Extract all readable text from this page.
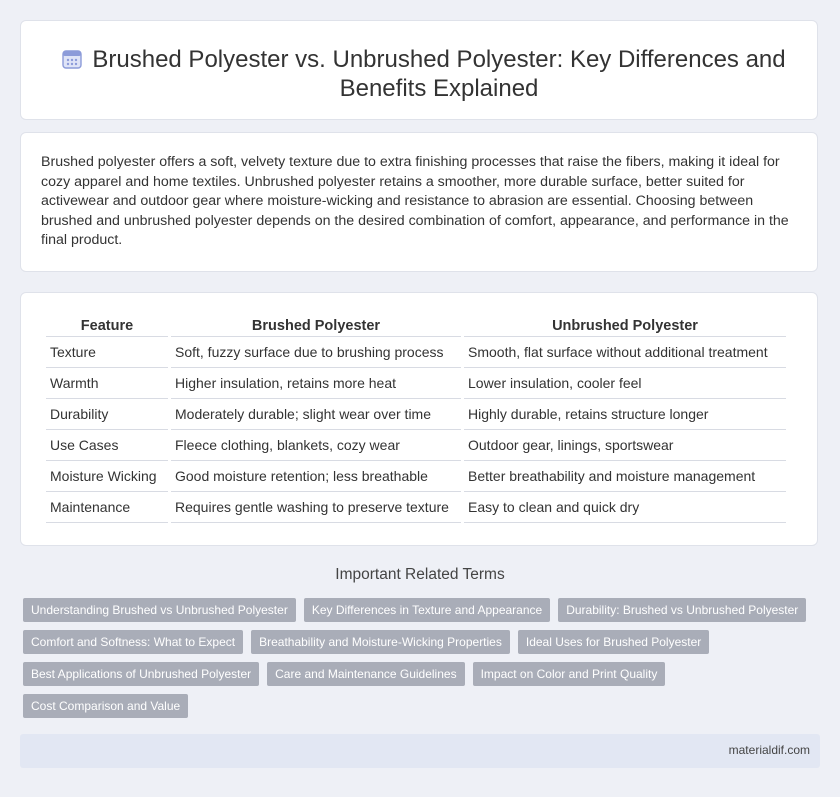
Brushed Polyester vs. Unbrushed Polyester: Key Differences and Benefits Explained
Brushed polyester offers a soft, velvety texture due to extra finishing processes that raise the fibers, making it ideal for cozy apparel and home textiles. Unbrushed polyester retains a smoother, more durable surface, better suited for activewear and outdoor gear where moisture-wicking and resistance to abrasion are essential. Choosing between brushed and unbrushed polyester depends on the desired combination of comfort, appearance, and performance in the final product.
Feature	Brushed Polyester	Unbrushed Polyester
Texture	Soft, fuzzy surface due to brushing process	Smooth, flat surface without additional treatment
Warmth	Higher insulation, retains more heat	Lower insulation, cooler feel
Durability	Moderately durable; slight wear over time	Highly durable, retains structure longer
Use Cases	Fleece clothing, blankets, cozy wear	Outdoor gear, linings, sportswear
Moisture Wicking	Good moisture retention; less breathable	Better breathability and moisture management
Maintenance	Requires gentle washing to preserve texture	Easy to clean and quick dry
Important Related Terms
Understanding Brushed vs Unbrushed Polyester	Key Differences in Texture and Appearance	Durability: Brushed vs Unbrushed Polyester
Comfort and Softness: What to Expect	Breathability and Moisture-Wicking Properties	Ideal Uses for Brushed Polyester
Best Applications of Unbrushed Polyester	Care and Maintenance Guidelines	Impact on Color and Print Quality
Cost Comparison and Value
materialdif.com
